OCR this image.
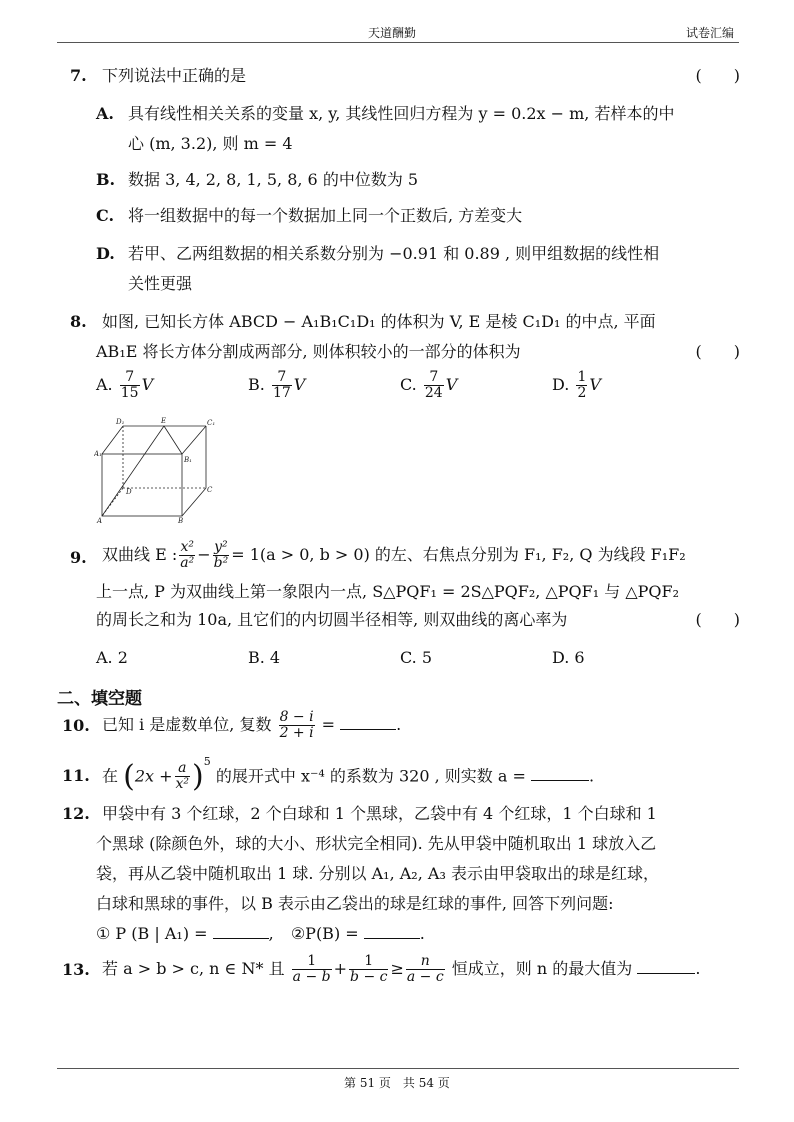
天道酬勤	试卷汇编
7. 下列说法中正确的是	(　　)
A. 具有线性相关关系的变量 x, y, 其线性回归方程为 y = 0.2x − m, 若样本的中
心 (m, 3.2), 则 m = 4
B. 数据 3, 4, 2, 8, 1, 5, 8, 6 的中位数为 5
C. 将一组数据中的每一个数据加上同一个正数后, 方差变大
D. 若甲、乙两组数据的相关系数分别为 −0.91 和 0.89 , 则甲组数据的线性相
关性更强
8. 如图, 已知长方体 ABCD − A₁B₁C₁D₁ 的体积为 V, E 是棱 C₁D₁ 的中点, 平面
AB₁E 将长方体分割成两部分, 则体积较小的一部分的体积为	(　　)
A. $\frac{7}{15}$ V	B. $\frac{7}{17}$ V	C. $\frac{7}{24}$ V	D. $\frac{1}{2}$ V
D₁	E	C₁
A₁
B₁
D	C
A	B
9. 双曲线 E : $\frac{\text{x²}}{\text{a²}} - \frac{\text{y²}}{\text{b²}} = 1(a > 0$, b > 0) 的左、右焦点分别为 F₁, F₂, Q 为线段 F₁F₂
上一点, P 为双曲线上第一象限内一点, S△PQF₁ = 2S△PQF₂, △PQF₁ 与 △PQF₂
的周长之和为 10a, 且它们的内切圆半径相等, 则双曲线的离心率为	(　　)
A. 2	B. 4	C. 5	D. 6
二、填空题
10. 已知 i 是虚数单位, 复数 $\frac{8 - i}{2 + i}$ =	.
11. 在 $(2x + \frac{a}{\text{x²}} )^5$ 的展开式中 x⁻⁴ 的系数为 320 , 则实数 a =	.
12. 甲袋中有 3 个红球，2 个白球和 1 个黑球，乙袋中有 4 个红球，1 个白球和 1
个黑球 (除颜色外，球的大小、形状完全相同). 先从甲袋中随机取出 1 球放入乙
袋，再从乙袋中随机取出 1 球. 分别以 A₁, A₂, A₃ 表示由甲袋取出的球是红球，
白球和黑球的事件，以 B 表示由乙袋出的球是红球的事件, 回答下列问题:
① P (B | A₁) =	, ②P(B) =	.
13. 若 a > b > c, n ∈ N* 且 $\frac{1}{a - b} + \frac{1}{b - c} \ge \frac{n}{a - c}$ 恒成立，则 n 的最大值为	.
第 51 页　共 54 页
